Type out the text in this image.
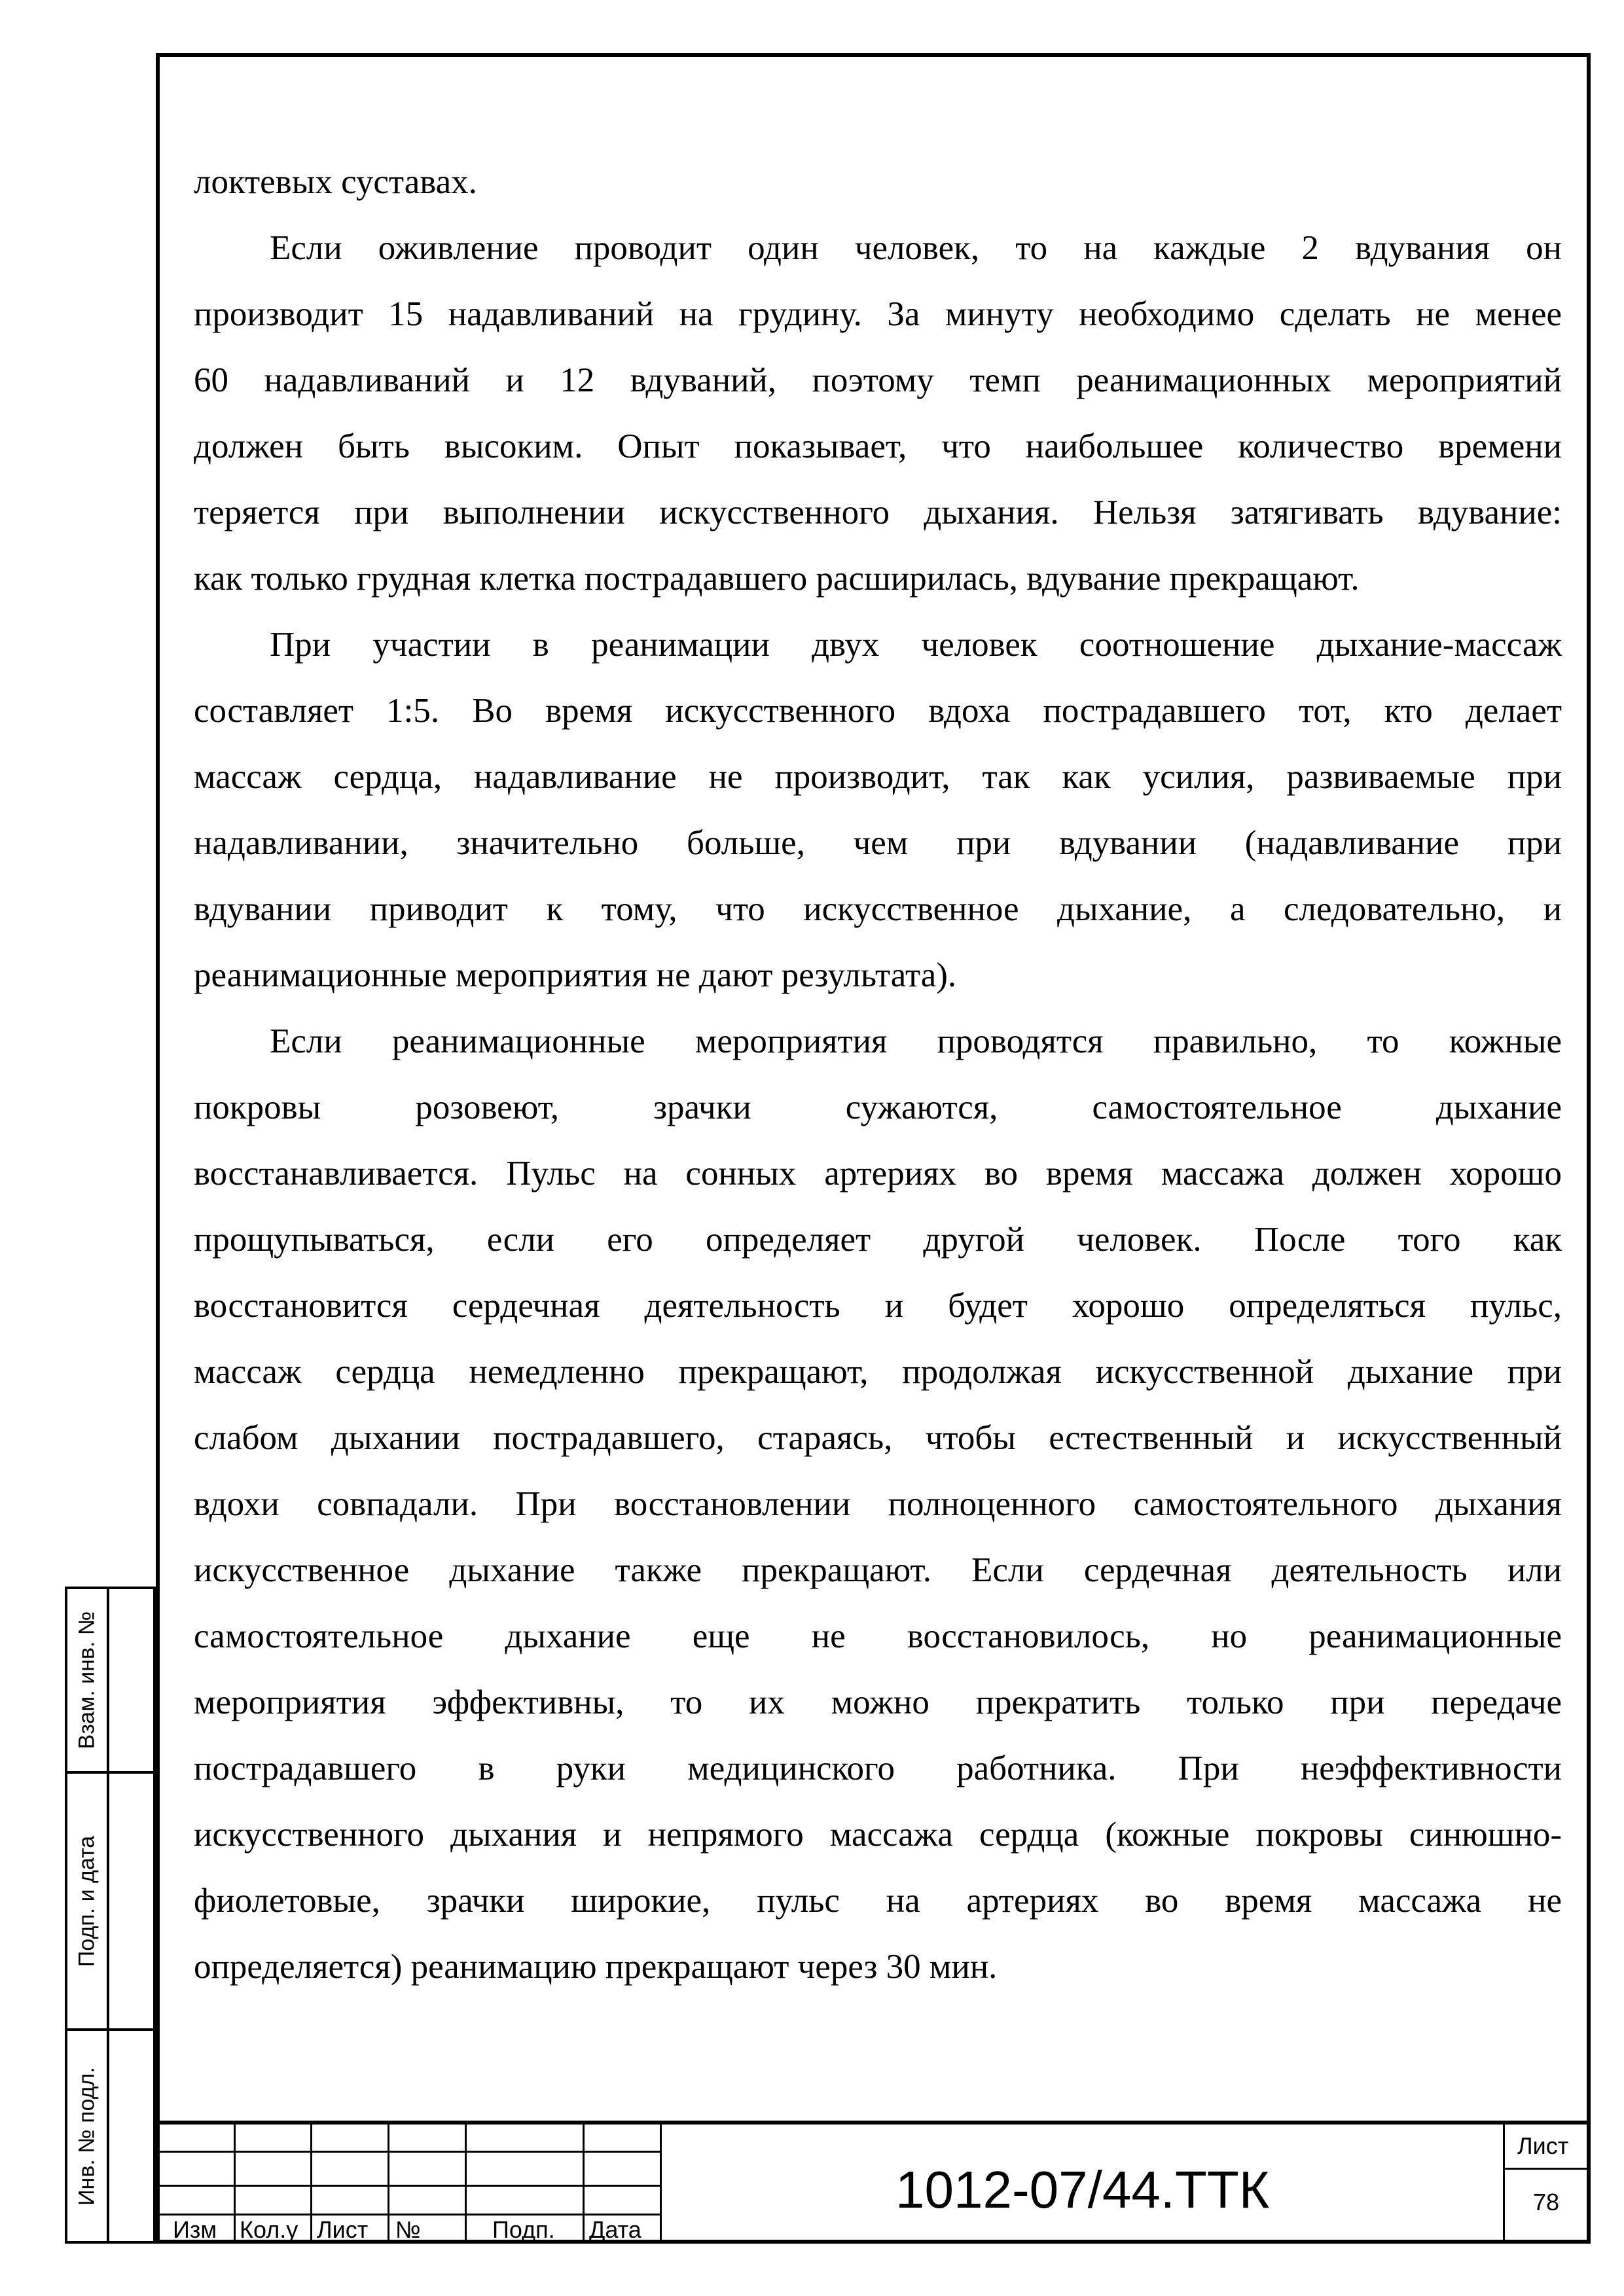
локтевых суставах.
Если оживление проводит один человек, то на каждые 2 вдувания он
производит 15 надавливаний на грудину. За минуту необходимо сделать не менее
60 надавливаний и 12 вдуваний, поэтому темп реанимационных мероприятий
должен быть высоким. Опыт показывает, что наибольшее количество времени
теряется при выполнении искусственного дыхания. Нельзя затягивать вдувание:
как только грудная клетка пострадавшего расширилась, вдувание прекращают.
При участии в реанимации двух человек соотношение дыхание-массаж
составляет 1:5. Во время искусственного вдоха пострадавшего тот, кто делает
массаж сердца, надавливание не производит, так как усилия, развиваемые при
надавливании, значительно больше, чем при вдувании (надавливание при
вдувании приводит к тому, что искусственное дыхание, а следовательно, и
реанимационные мероприятия не дают результата).
Если реанимационные мероприятия проводятся правильно, то кожные
покровы розовеют, зрачки сужаются, самостоятельное дыхание
восстанавливается. Пульс на сонных артериях во время массажа должен хорошо
прощупываться, если его определяет другой человек. После того как
восстановится сердечная деятельность и будет хорошо определяться пульс,
массаж сердца немедленно прекращают, продолжая искусственной дыхание при
слабом дыхании пострадавшего, стараясь, чтобы естественный и искусственный
вдохи совпадали. При восстановлении полноценного самостоятельного дыхания
искусственное дыхание также прекращают. Если сердечная деятельность или
самостоятельное дыхание еще не восстановилось, но реанимационные
мероприятия эффективны, то их можно прекратить только при передаче
пострадавшего в руки медицинского работника. При неэффективности
искусственного дыхания и непрямого массажа сердца (кожные покровы синюшно-
фиолетовые, зрачки широкие, пульс на артериях во время массажа не
определяется) реанимацию прекращают через 30 мин.
Взам. инв. №
Подп. и дата
Инв. № подл.
Изм Кол.у Лист №	Подп. Дата
1012-07/44.ТТК
Лист
78
